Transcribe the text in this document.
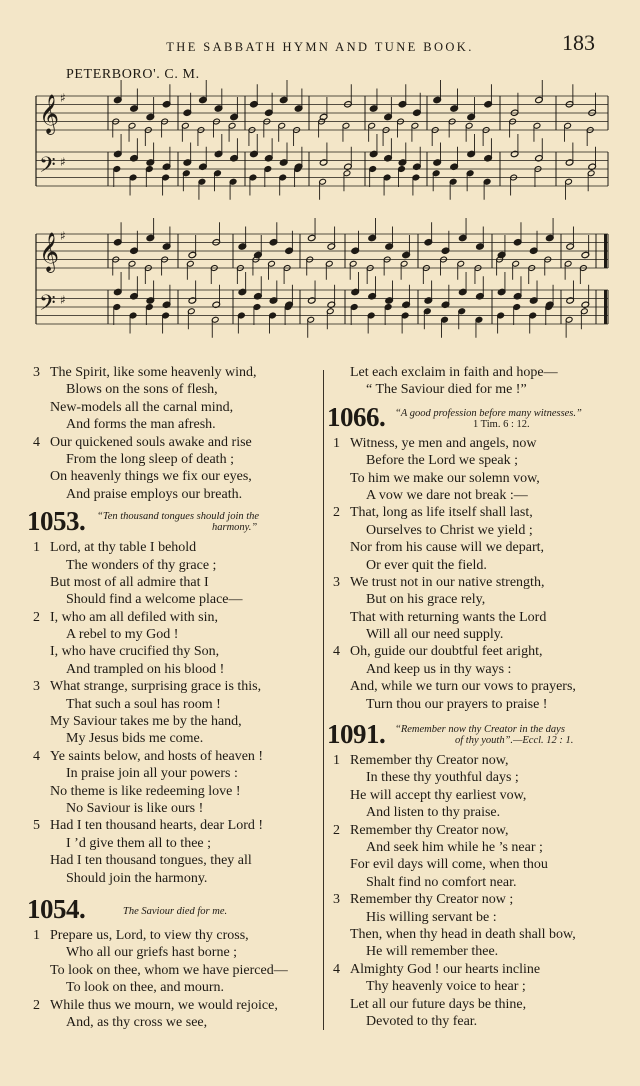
THE SABBATH HYMN AND TUNE BOOK.	183
PETERBORO'. C. M.
𝄞
𝄢
♯
♯
𝄞
𝄢
♯
♯
3 The Spirit, like some heavenly wind,
Blows on the sons of flesh,
New-models all the carnal mind,
And forms the man afresh.
4 Our quickened souls awake and rise
From the long sleep of death ;
On heavenly things we fix our eyes,
And praise employs our breath.
1053. “Ten thousand tongues should join the
harmony.”
1 Lord, at thy table I behold
The wonders of thy grace ;
But most of all admire that I
Should find a welcome place—
2 I, who am all defiled with sin,
A rebel to my God !
I, who have crucified thy Son,
And trampled on his blood !
3 What strange, surprising grace is this,
That such a soul has room !
My Saviour takes me by the hand,
My Jesus bids me come.
4 Ye saints below, and hosts of heaven !
In praise join all your powers :
No theme is like redeeming love !
No Saviour is like ours !
5 Had I ten thousand hearts, dear Lord !
I ’d give them all to thee ;
Had I ten thousand tongues, they all
Should join the harmony.
1054.	The Saviour died for me.
1 Prepare us, Lord, to view thy cross,
Who all our griefs hast borne ;
To look on thee, whom we have pierced—
To look on thee, and mourn.
2 While thus we mourn, we would rejoice,
And, as thy cross we see,
Let each exclaim in faith and hope—
“ The Saviour died for me !”
1066. “A good profession before many witnesses.”
1 Tim. 6 : 12.
1 Witness, ye men and angels, now
Before the Lord we speak ;
To him we make our solemn vow,
A vow we dare not break :—
2 That, long as life itself shall last,
Ourselves to Christ we yield ;
Nor from his cause will we depart,
Or ever quit the field.
3 We trust not in our native strength,
But on his grace rely,
That with returning wants the Lord
Will all our need supply.
4 Oh, guide our doubtful feet aright,
And keep us in thy ways :
And, while we turn our vows to prayers,
Turn thou our prayers to praise !
1091. “Remember now thy Creator in the days
of thy youth”.—Eccl. 12 : 1.
1 Remember thy Creator now,
In these thy youthful days ;
He will accept thy earliest vow,
And listen to thy praise.
2 Remember thy Creator now,
And seek him while he ’s near ;
For evil days will come, when thou
Shalt find no comfort near.
3 Remember thy Creator now ;
His willing servant be :
Then, when thy head in death shall bow,
He will remember thee.
4 Almighty God ! our hearts incline
Thy heavenly voice to hear ;
Let all our future days be thine,
Devoted to thy fear.
